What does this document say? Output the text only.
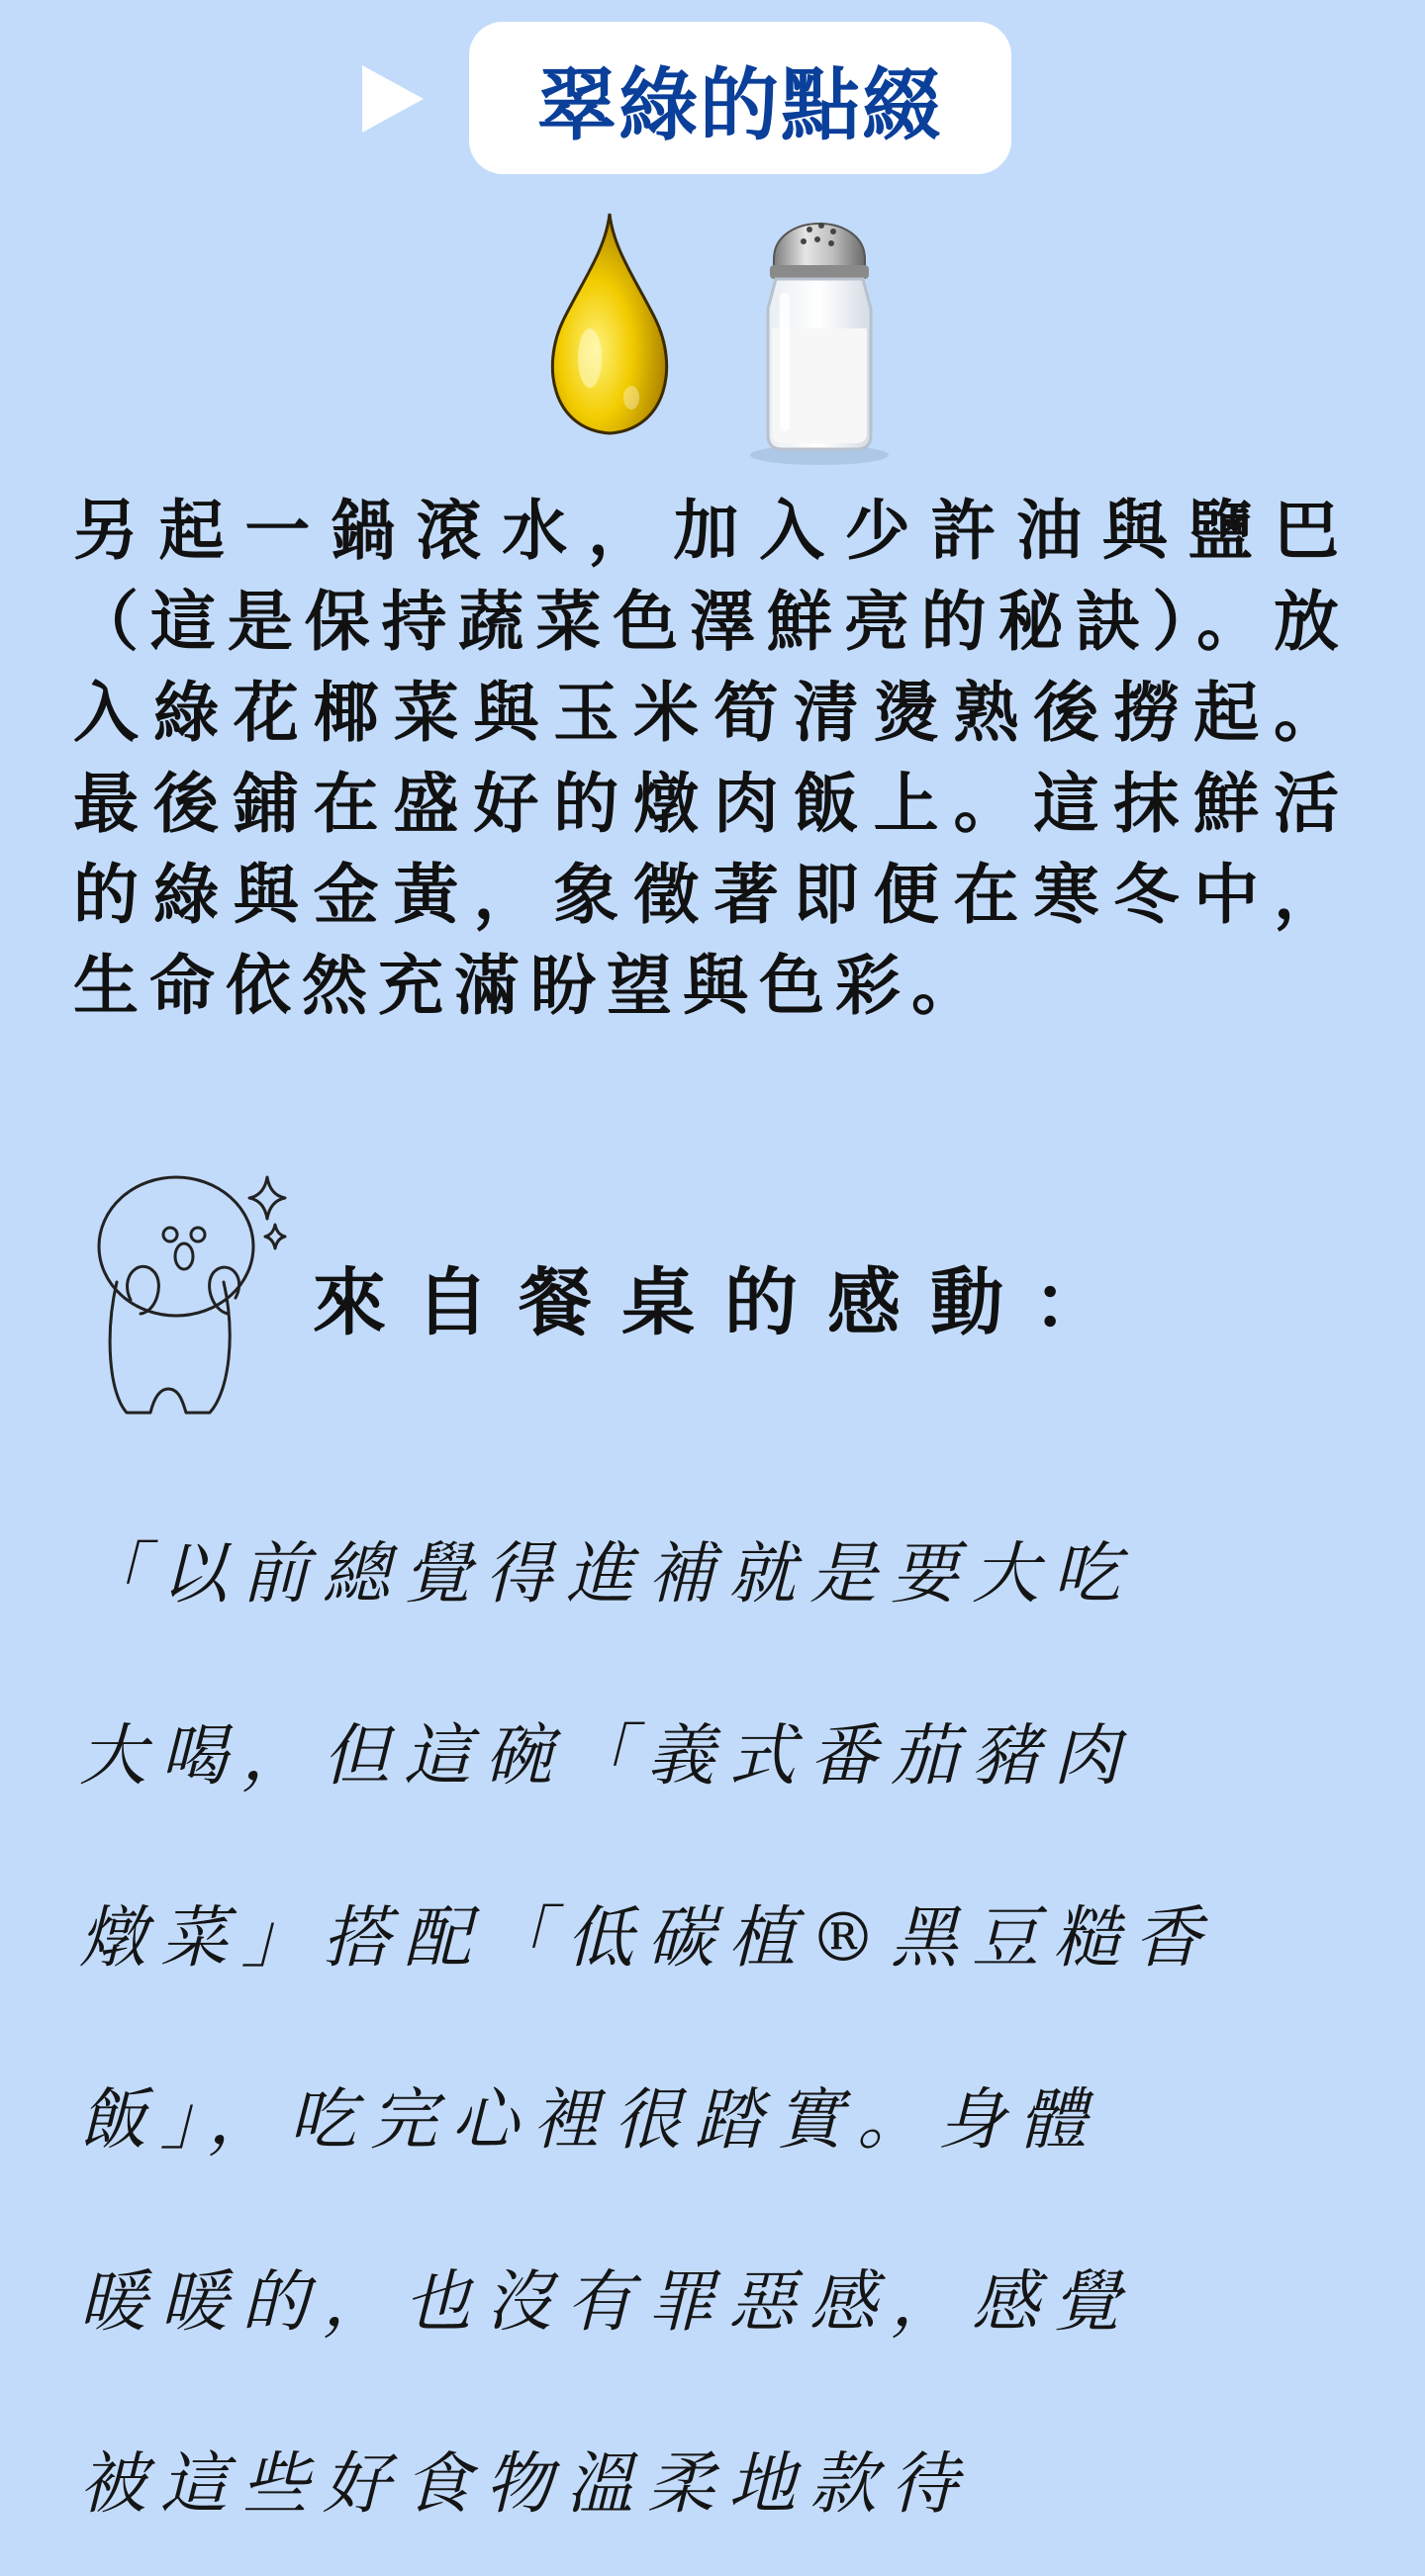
翠綠的點綴

另起一鍋滾水，加入少許油與鹽巴（這是保持蔬菜色澤鮮亮的秘訣）。放入綠花椰菜與玉米筍清燙熟後撈起。最後鋪在盛好的燉肉飯上。這抹鮮活的綠與金黃，象徵著即便在寒冬中，生命依然充滿盼望與色彩。

來自餐桌的感動：
「以前總覺得進補就是要大吃
大喝，但這碗「義式番茄豬肉
燉菜」搭配「低碳植®黑豆糙香
飯」，吃完心裡很踏實。身體
暖暖的，也沒有罪惡感，感覺
被這些好食物溫柔地款待
